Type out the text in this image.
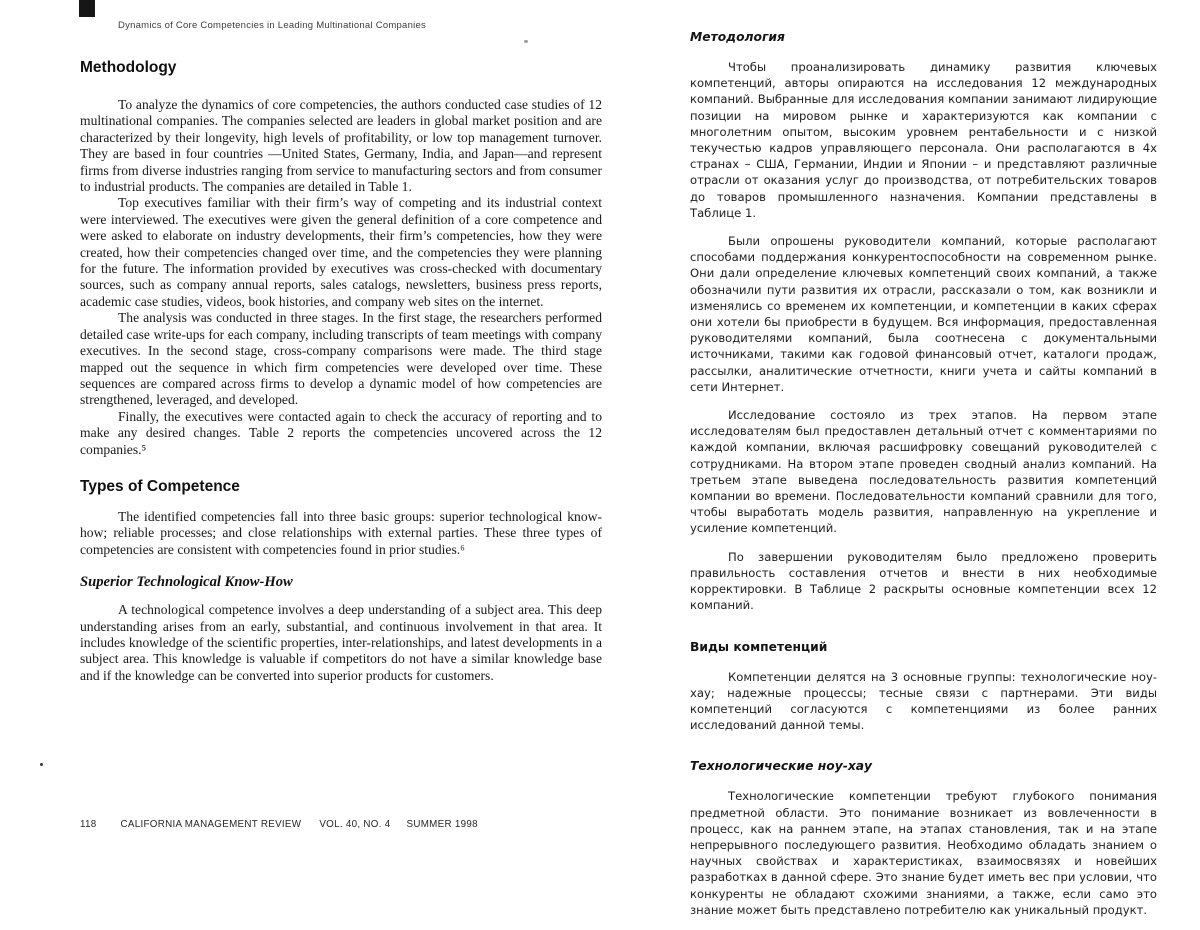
Dynamics of Core Competencies in Leading Multinational Companies
Methodology

To analyze the dynamics of core competencies, the authors conducted case studies of 12 multinational companies. The companies selected are leaders in global market position and are characterized by their longevity, high levels of profitability, or low top management turnover. They are based in four countries —United States, Germany, India, and Japan—and represent firms from diverse industries ranging from service to manufacturing sectors and from consumer to industrial products. The companies are detailed in Table 1.

Top executives familiar with their firm’s way of competing and its industrial context were interviewed. The executives were given the general definition of a core competence and were asked to elaborate on industry developments, their firm’s competencies, how they were created, how their competencies changed over time, and the competencies they were planning for the future. The information provided by executives was cross-checked with documentary sources, such as company annual reports, sales catalogs, newsletters, business press reports, academic case studies, videos, book histories, and company web sites on the internet.

The analysis was conducted in three stages. In the first stage, the researchers performed detailed case write-ups for each company, including transcripts of team meetings with company executives. In the second stage, cross-company comparisons were made. The third stage mapped out the sequence in which firm competencies were developed over time. These sequences are compared across firms to develop a dynamic model of how competencies are strengthened, leveraged, and developed.

Finally, the executives were contacted again to check the accuracy of reporting and to make any desired changes. Table 2 reports the competencies uncovered across the 12 companies.⁵

Types of Competence

The identified competencies fall into three basic groups: superior technological know-how; reliable processes; and close relationships with external parties. These three types of competencies are consistent with competencies found in prior studies.⁶

Superior Technological Know-How

A technological competence involves a deep understanding of a subject area. This deep understanding arises from an early, substantial, and continuous involvement in that area. It includes knowledge of the scientific properties, inter-relationships, and latest developments in a subject area. This knowledge is valuable if competitors do not have a similar knowledge base and if the knowledge can be converted into superior products for customers.

118 CALIFORNIA MANAGEMENT REVIEW VOL. 40, NO. 4 SUMMER 1998
Методология

Чтобы проанализировать динамику развития ключевых компетенций, авторы опираются на исследования 12 международных компаний. Выбранные для исследования компании занимают лидирующие позиции на мировом рынке и характеризуются как компании с многолетним опытом, высоким уровнем рентабельности и с низкой текучестью кадров управляющего персонала. Они располагаются в 4х странах – США, Германии, Индии и Японии – и представляют различные отрасли от оказания услуг до производства, от потребительских товаров до товаров промышленного назначения. Компании представлены в Таблице 1.

Были опрошены руководители компаний, которые располагают способами поддержания конкурентоспособности на современном рынке. Они дали определение ключевых компетенций своих компаний, а также обозначили пути развития их отрасли, рассказали о том, как возникли и изменялись со временем их компетенции, и компетенции в каких сферах они хотели бы приобрести в будущем. Вся информация, предоставленная руководителями компаний, была соотнесена с документальными источниками, такими как годовой финансовый отчет, каталоги продаж, рассылки, аналитические отчетности, книги учета и сайты компаний в сети Интернет.

Исследование состояло из трех этапов. На первом этапе исследователям был предоставлен детальный отчет с комментариями по каждой компании, включая расшифровку совещаний руководителей с сотрудниками. На втором этапе проведен сводный анализ компаний. На третьем этапе выведена последовательность развития компетенций компании во времени. Последовательности компаний сравнили для того, чтобы выработать модель развития, направленную на укрепление и усиление компетенций.

По завершении руководителям было предложено проверить правильность составления отчетов и внести в них необходимые корректировки. В Таблице 2 раскрыты основные компетенции всех 12 компаний.

Виды компетенций

Компетенции делятся на 3 основные группы: технологические ноу-хау; надежные процессы; тесные связи с партнерами. Эти виды компетенций согласуются с компетенциями из более ранних исследований данной темы.

Технологические ноу-хау

Технологические компетенции требуют глубокого понимания предметной области. Это понимание возникает из вовлеченности в процесс, как на раннем этапе, на этапах становления, так и на этапе непрерывного последующего развития. Необходимо обладать знанием о научных свойствах и характеристиках, взаимосвязях и новейших разработках в данной сфере. Это знание будет иметь вес при условии, что конкуренты не обладают схожими знаниями, а также, если само это знание может быть представлено потребителю как уникальный продукт.
